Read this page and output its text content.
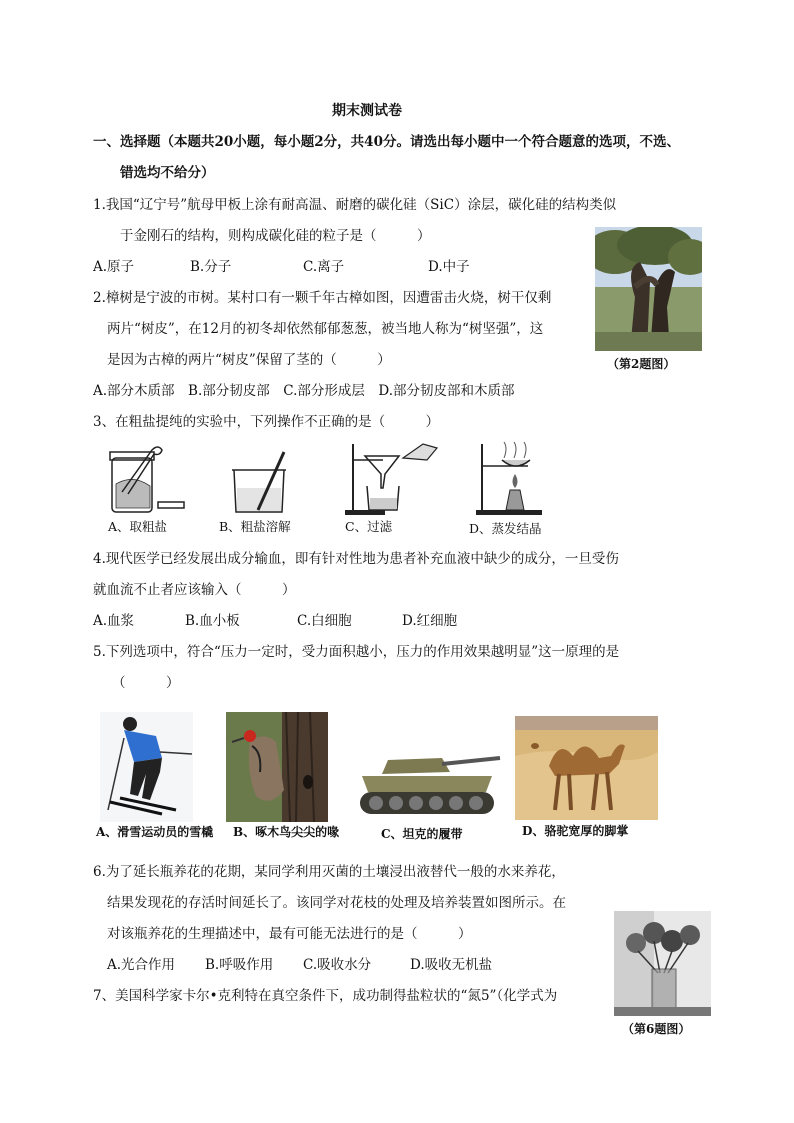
期末测试卷
一、选择题（本题共20小题，每小题2分，共40分。请选出每小题中一个符合题意的选项，不选、
错选均不给分）
1.我国“辽宁号”航母甲板上涂有耐高温、耐磨的碳化硅（SiC）涂层，碳化硅的结构类似
于金刚石的结构，则构成碳化硅的粒子是（　　　）
A.原子	B.分子	C.离子	D.中子
（第2题图）
2.樟树是宁波的市树。某村口有一颗千年古樟如图，因遭雷击火烧，树干仅剩
两片“树皮”，在12月的初冬却依然郁郁葱葱，被当地人称为“树坚强”，这
是因为古樟的两片“树皮”保留了茎的（　　　）
A.部分木质部　B.部分韧皮部　C.部分形成层　D.部分韧皮部和木质部
3、在粗盐提纯的实验中，下列操作不正确的是（　　　）
A、取粗盐	B、粗盐溶解	C、过滤	D、蒸发结晶
4.现代医学已经发展出成分输血，即有针对性地为患者补充血液中缺少的成分，一旦受伤
就血流不止者应该输入（　　　）
A.血浆	B.血小板	C.白细胞	D.红细胞
5.下列选项中，符合“压力一定时，受力面积越小，压力的作用效果越明显”这一原理的是
（　　　）
A、滑雪运动员的雪橇 B、啄木鸟尖尖的喙	C、坦克的履带	D、骆驼宽厚的脚掌
6.为了延长瓶养花的花期，某同学利用灭菌的土壤浸出液替代一般的水来养花，
结果发现花的存活时间延长了。该同学对花枝的处理及培养装置如图所示。在
对该瓶养花的生理描述中，最有可能无法进行的是（　　　）
A.光合作用 B.呼吸作用 C.吸收水分	D.吸收无机盐
（第6题图）
7、美国科学家卡尔•克利特在真空条件下，成功制得盐粒状的“氮5”（化学式为
